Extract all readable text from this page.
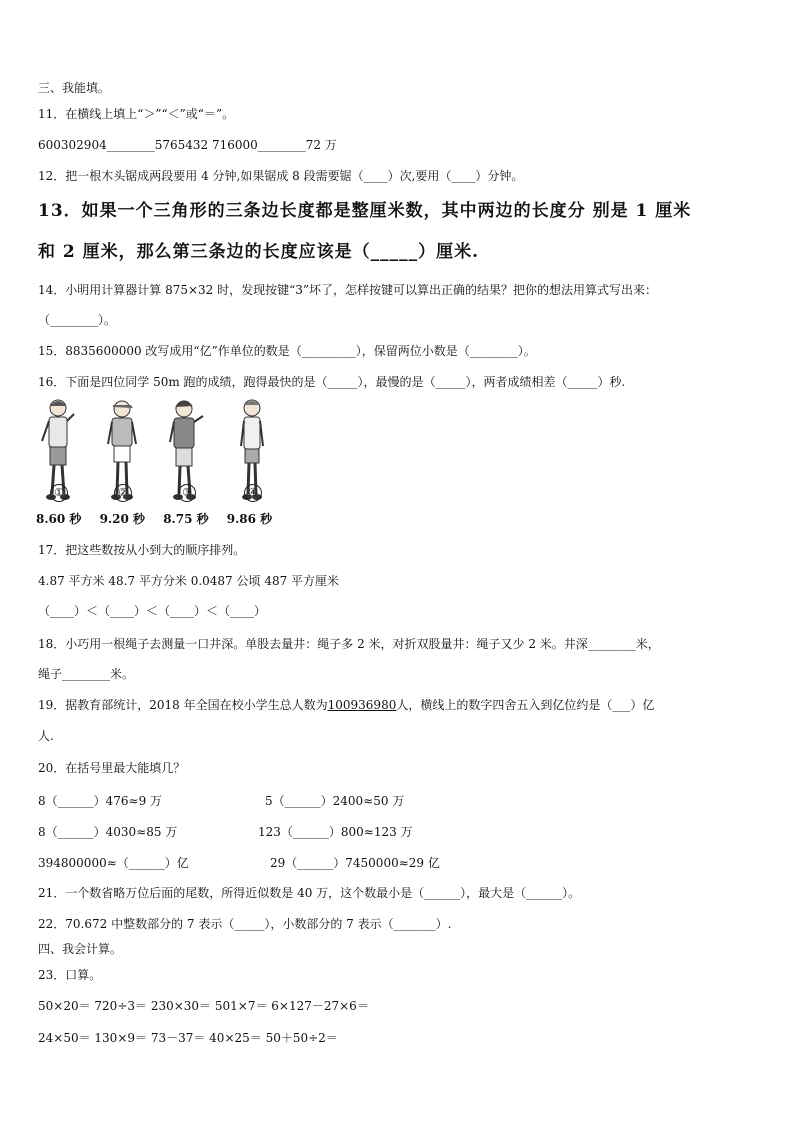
三、我能填。
11．在横线上填上“＞”“＜”或“＝”。
600302904________5765432 716000________72 万
12．把一根木头锯成两段要用 4 分钟,如果锯成 8 段需要锯（____）次,要用（____）分钟。
13．如果一个三角形的三条边长度都是整厘米数，其中两边的长度分 别是 1 厘米
和 2 厘米，那么第三条边的长度应该是（_____）厘米.
14．小明用计算器计算 875×32 时，发现按键“3”坏了，怎样按键可以算出正确的结果？把你的想法用算式写出来：
（________）。
15．8835600000 改写成用“亿”作单位的数是（_________），保留两位小数是（________）。
16．下面是四位同学 50m 跑的成绩，跑得最快的是（_____），最慢的是（_____），两者成绩相差（_____）秒.
①	②	③	④
8.60 秒 9.20 秒 8.75 秒 9.86 秒
17．把这些数按从小到大的顺序排列。
4.87 平方米 48.7 平方分米 0.0487 公顷 487 平方厘米
（____）＜（____）＜（____）＜（____）
18．小巧用一根绳子去测量一口井深。单股去量井：绳子多 2 米，对折双股量井：绳子又少 2 米。井深________米，
绳子________米。
19．据教育部统计，2018 年全国在校小学生总人数为100936980人，横线上的数字四舍五入到亿位约是（___）亿
人.
20．在括号里最大能填几？
8（______）476≈9 万	5（______）2400≈50 万
8（______）4030≈85 万	123（______）800≈123 万
394800000≈（______）亿	29（______）7450000≈29 亿
21．一个数省略万位后面的尾数，所得近似数是 40 万，这个数最小是（______），最大是（______）。
22．70.672 中整数部分的 7 表示（_____），小数部分的 7 表示（_______）.
四、我会计算。
23．口算。
50×20＝ 720÷3＝ 230×30＝ 501×7＝ 6×127－27×6＝
24×50＝ 130×9＝ 73－37＝ 40×25＝ 50＋50÷2＝
